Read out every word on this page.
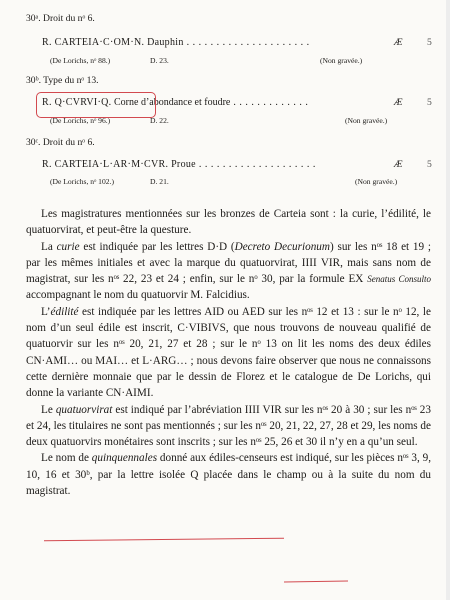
30ᵃ. Droit du nᵒ 6.
R. CARTEIA·C·OM·N. Dauphin . . . . . . . . . . . . . . . . . . . . .	Æ	5
(De Lorichs, nᵒ 88.)	D. 23.	(Non gravée.)
30ᵇ. Type du nᵒ 13.
R. Q·CVRVI·Q. Corne d’abondance et foudre . . . . . . . . . . . . .	Æ	5
(De Lorichs, nᵒ 96.)	D. 22.	(Non gravée.)
30ᶜ. Droit du nᵒ 6.
R. CARTEIA·L·AR·M·CVR. Proue . . . . . . . . . . . . . . . . . . . .	Æ	5
(De Lorichs, nᵒ 102.)	D. 21.	(Non gravée.)

Les magistratures mentionnées sur les bronzes de Carteia sont : la curie, l’édilité, le quatuorvirat, et peut-être la questure.

La curie est indiquée par les lettres D·D (Decreto Decurionum) sur les nᵒˢ 18 et 19 ; par les mêmes initiales et avec la marque du quatuorvirat, IIII VIR, mais sans nom de magistrat, sur les nᵒˢ 22, 23 et 24 ; enfin, sur le nᵒ 30, par la formule EX Senatus Consulto accompagnant le nom du quatuorvir M. Falcidius.

L’édilité est indiquée par les lettres AID ou AED sur les nᵒˢ 12 et 13 : sur le nᵒ 12, le nom d’un seul édile est inscrit, C·VIBIVS, que nous trouvons de nouveau qualifié de quatuorvir sur les nᵒˢ 20, 21, 27 et 28 ; sur le nᵒ 13 on lit les noms des deux édiles CN·AMI… ou MAI… et L·ARG… ; nous devons faire observer que nous ne connaissons cette dernière monnaie que par le dessin de Florez et le catalogue de De Lorichs, qui donne la variante CN·AIMI.

Le quatuorvirat est indiqué par l’abréviation IIII VIR sur les nᵒˢ 20 à 30 ; sur les nᵒˢ 23 et 24, les titulaires ne sont pas mentionnés ; sur les nᵒˢ 20, 21, 22, 27, 28 et 29, les noms de deux quatuorvirs monétaires sont inscrits ; sur les nᵒˢ 25, 26 et 30 il n’y en a qu’un seul.

Le nom de quinquennales donné aux édiles-censeurs est indiqué, sur les pièces nᵒˢ 3, 9, 10, 16 et 30ᵇ, par la lettre isolée Q placée dans le champ ou à la suite du nom du magistrat.
